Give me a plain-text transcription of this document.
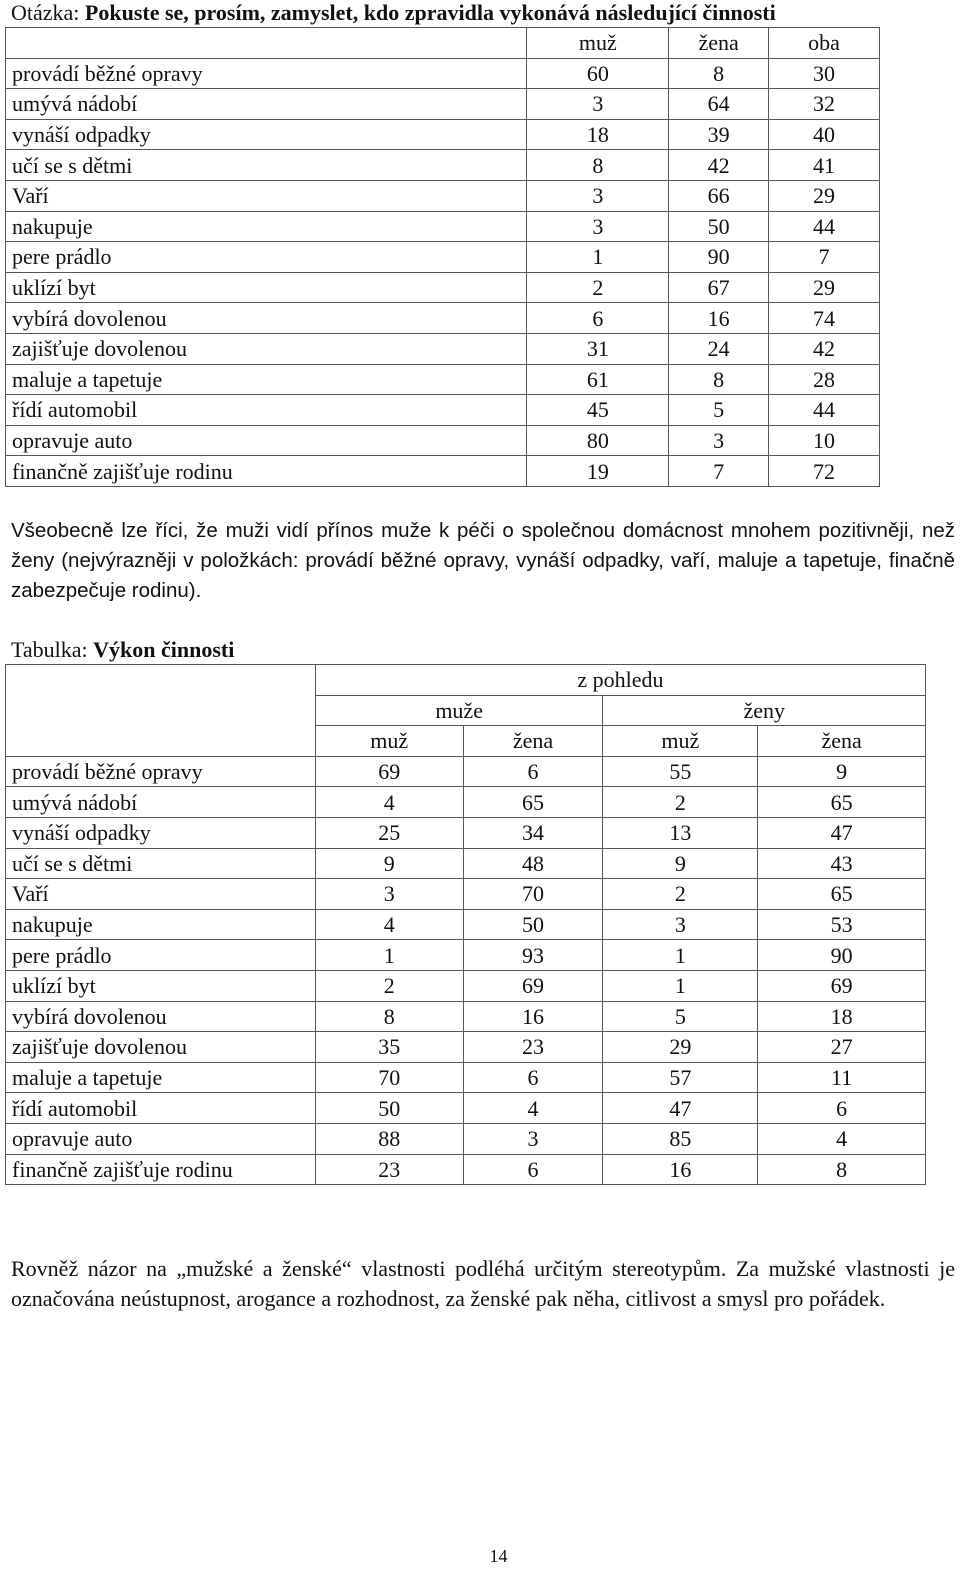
Otázka: Pokuste se, prosím, zamyslet, kdo zpravidla vykonává následující činnosti
	muž	žena	oba
provádí běžné opravy	60	8	30
umývá nádobí	3	64	32
vynáší odpadky	18	39	40
učí se s dětmi	8	42	41
Vaří	3	66	29
nakupuje	3	50	44
pere prádlo	1	90	7
uklízí byt	2	67	29
vybírá dovolenou	6	16	74
zajišťuje dovolenou	31	24	42
maluje a tapetuje	61	8	28
řídí automobil	45	5	44
opravuje auto	80	3	10
finančně zajišťuje rodinu	19	7	72
Všeobecně lze říci, že muži vidí přínos muže k péči o společnou domácnost mnohem pozitivněji, než ženy (nejvýrazněji v položkách: provádí běžné opravy, vynáší odpadky, vaří, maluje a tapetuje, finačně zabezpečuje rodinu).
Tabulka: Výkon činnosti
	z pohledu			
	muže		ženy	
	muž	žena	muž	žena
provádí běžné opravy	69	6	55	9
umývá nádobí	4	65	2	65
vynáší odpadky	25	34	13	47
učí se s dětmi	9	48	9	43
Vaří	3	70	2	65
nakupuje	4	50	3	53
pere prádlo	1	93	1	90
uklízí byt	2	69	1	69
vybírá dovolenou	8	16	5	18
zajišťuje dovolenou	35	23	29	27
maluje a tapetuje	70	6	57	11
řídí automobil	50	4	47	6
opravuje auto	88	3	85	4
finančně zajišťuje rodinu	23	6	16	8
Rovněž názor na „mužské a ženské“ vlastnosti podléhá určitým stereotypům. Za mužské vlastnosti je označována neústupnost, arogance a rozhodnost, za ženské pak něha, citlivost a smysl pro pořádek.
14
